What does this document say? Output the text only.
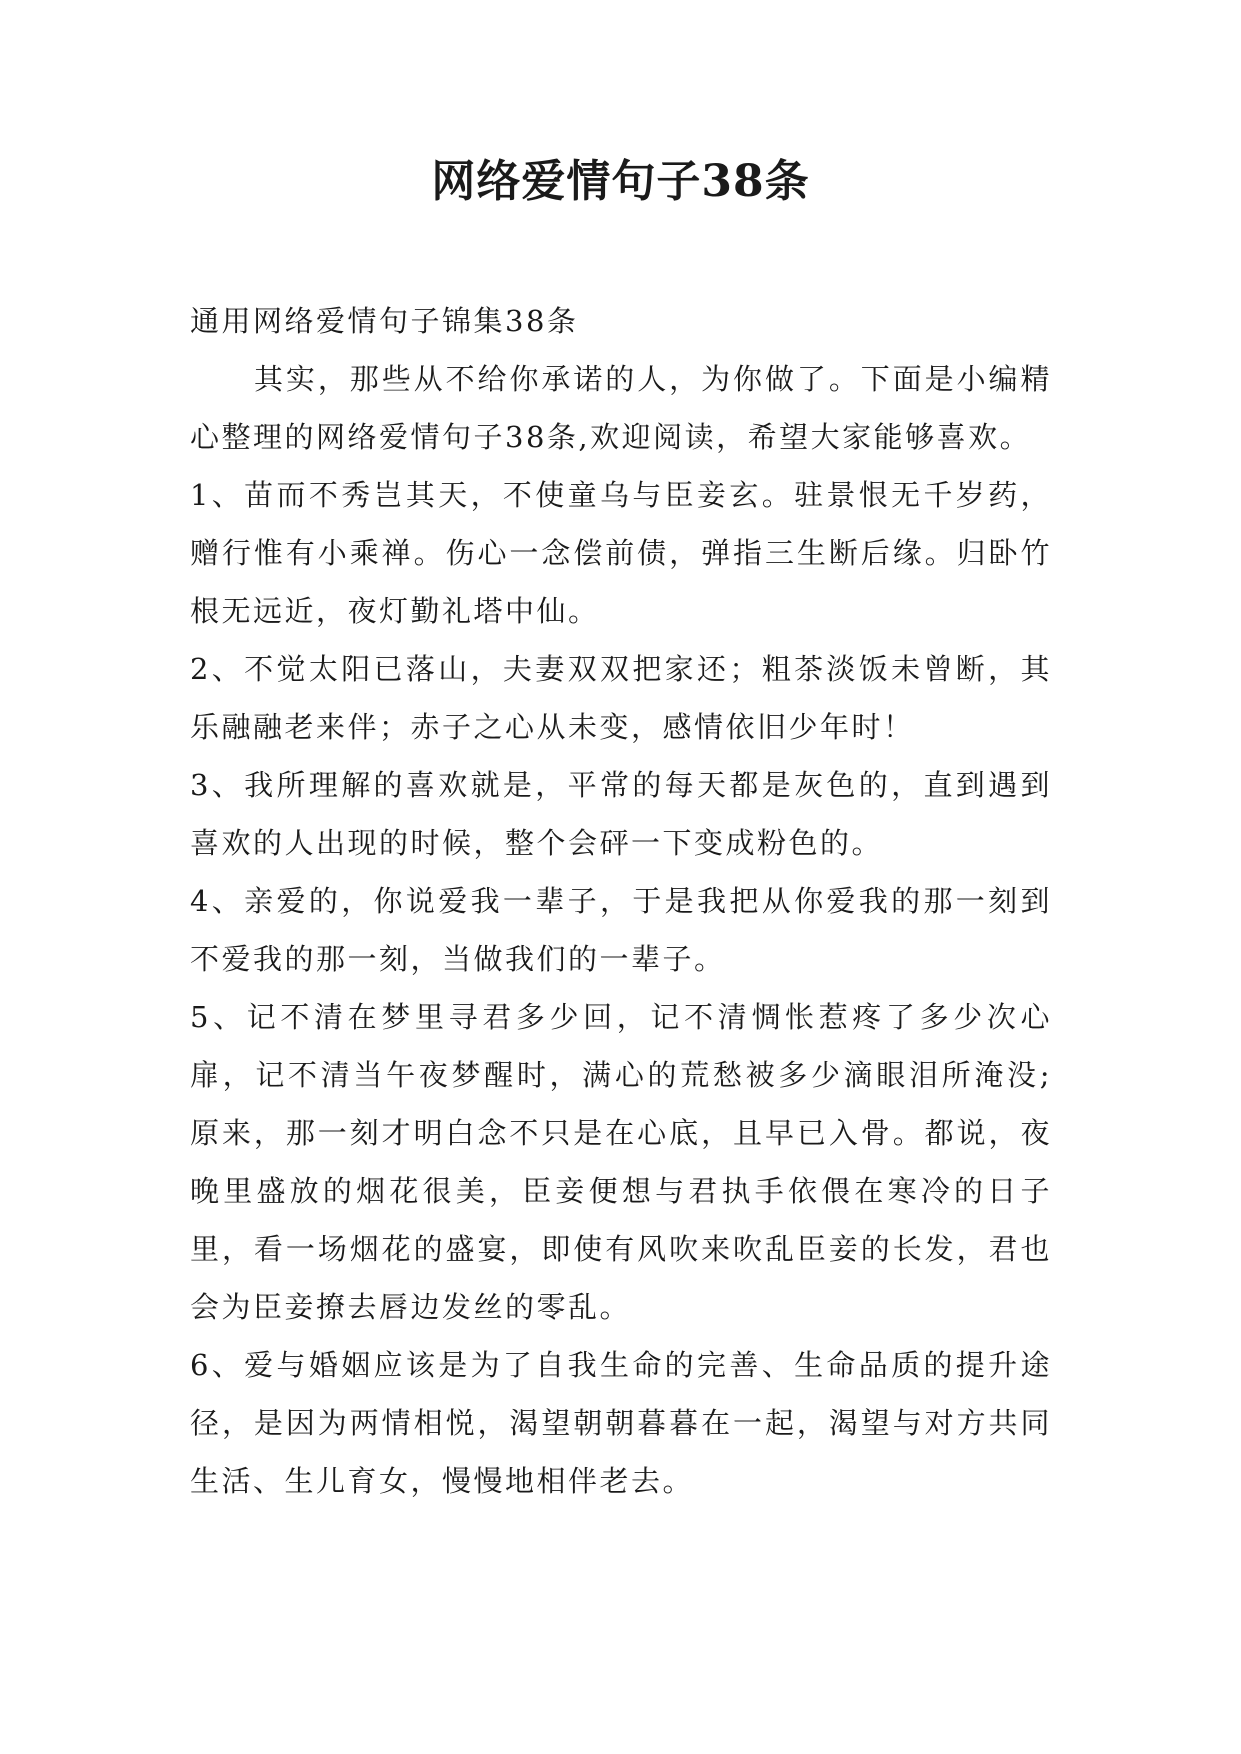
网络爱情句子38条

通用网络爱情句子锦集38条

其实，那些从不给你承诺的人，为你做了。下面是小编精心整理的网络爱情句子38条,欢迎阅读，希望大家能够喜欢。

1、苗而不秀岂其天，不使童乌与臣妾玄。驻景恨无千岁药，赠行惟有小乘禅。伤心一念偿前债，弹指三生断后缘。归卧竹根无远近，夜灯勤礼塔中仙。

2、不觉太阳已落山，夫妻双双把家还；粗茶淡饭未曾断，其乐融融老来伴；赤子之心从未变，感情依旧少年时！

3、我所理解的喜欢就是，平常的每天都是灰色的，直到遇到喜欢的人出现的时候，整个会砰一下变成粉色的。

4、亲爱的，你说爱我一辈子，于是我把从你爱我的那一刻到不爱我的那一刻，当做我们的一辈子。

5、记不清在梦里寻君多少回，记不清惆怅惹疼了多少次心扉，记不清当午夜梦醒时，满心的荒愁被多少滴眼泪所淹没;原来，那一刻才明白念不只是在心底，且早已入骨。都说，夜晚里盛放的烟花很美，臣妾便想与君执手依偎在寒冷的日子里，看一场烟花的盛宴，即使有风吹来吹乱臣妾的长发，君也会为臣妾撩去唇边发丝的零乱。

6、爱与婚姻应该是为了自我生命的完善、生命品质的提升途径，是因为两情相悦，渴望朝朝暮暮在一起，渴望与对方共同生活、生儿育女，慢慢地相伴老去。
